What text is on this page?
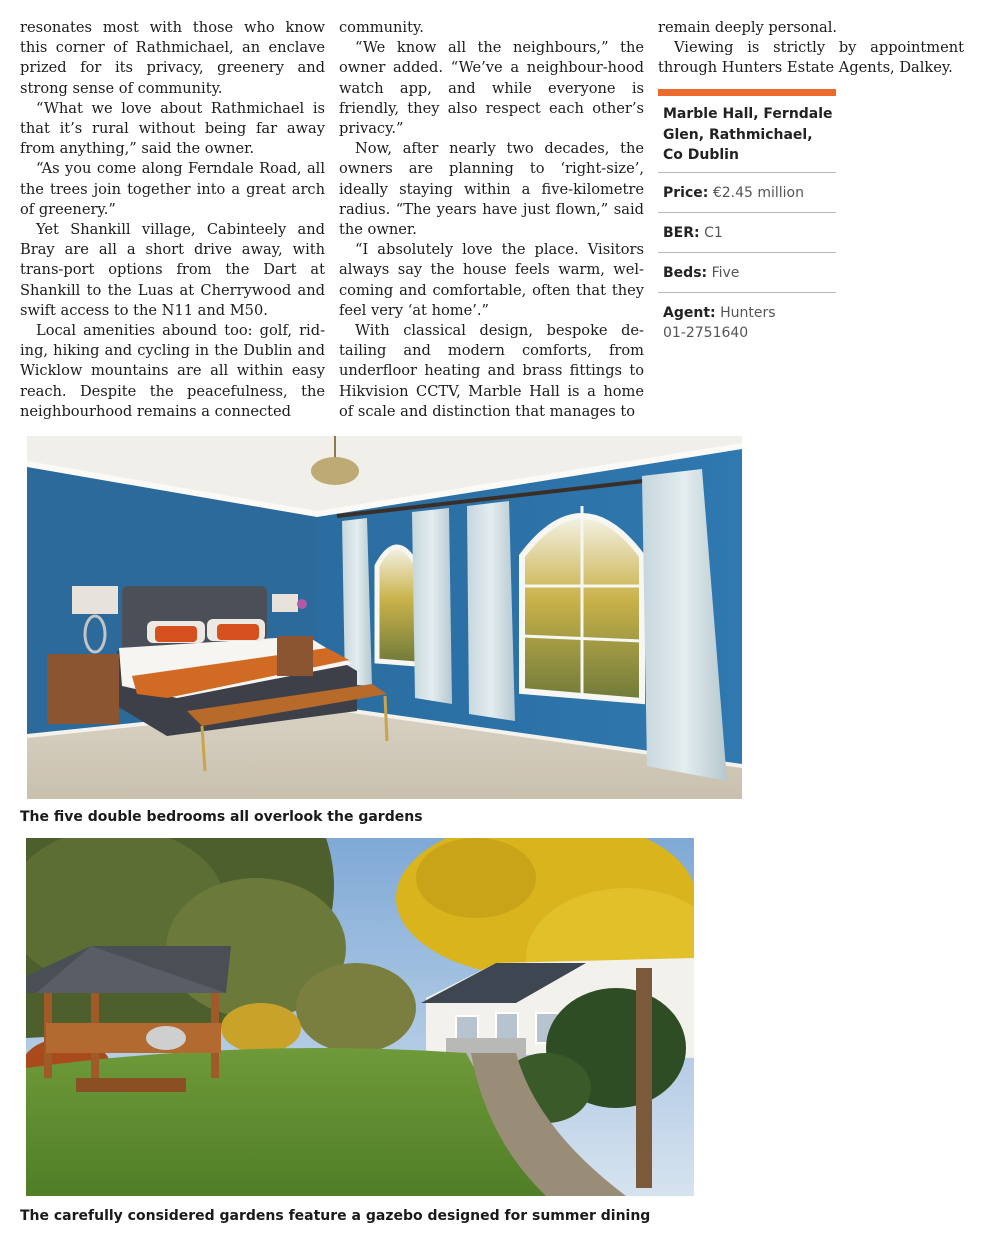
resonates most with those who know this corner of Rathmichael, an enclave prized for its privacy, greenery and strong sense of community.

“What we love about Rathmichael is that it’s rural without being far away from anything,” said the owner.

“As you come along Ferndale Road, all the trees join together into a great arch of greenery.”

Yet Shankill village, Cabinteely and Bray are all a short drive away, with trans-port options from the Dart at Shankill to the Luas at Cherrywood and swift access to the N11 and M50.

Local amenities abound too: golf, rid-ing, hiking and cycling in the Dublin and Wicklow mountains are all within easy reach. Despite the peacefulness, the neighbourhood remains a connected

community.

“We know all the neighbours,” the owner added. “We’ve a neighbour-hood watch app, and while everyone is friendly, they also respect each other’s privacy.”

Now, after nearly two decades, the owners are planning to ‘right-size’, ideally staying within a five-kilometre radius. “The years have just flown,” said the owner.

“I absolutely love the place. Visitors always say the house feels warm, wel-coming and comfortable, often that they feel very ‘at home’.”

With classical design, bespoke de-tailing and modern comforts, from underfloor heating and brass fittings to Hikvision CCTV, Marble Hall is a home of scale and distinction that manages to

remain deeply personal.

Viewing is strictly by appointment through Hunters Estate Agents, Dalkey.

Marble Hall, Ferndale Glen, Rathmichael, Co Dublin
Price: €2.45 million
BER: C1
Beds: Five
Agent: Hunters
01-2751640
The five double bedrooms all overlook the gardens
The carefully considered gardens feature a gazebo designed for summer dining
